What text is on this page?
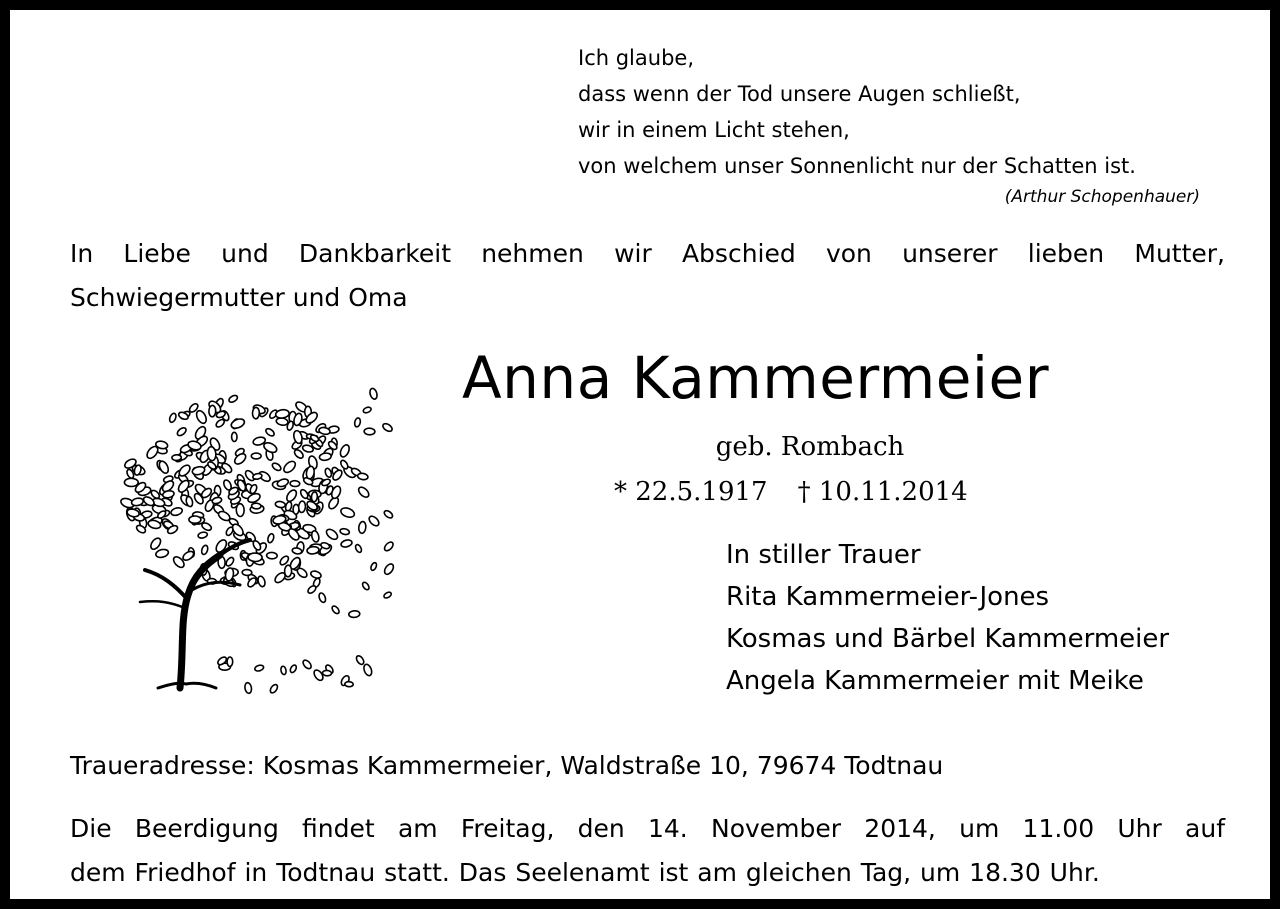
Ich glaube,
dass wenn der Tod unsere Augen schließt,
wir in einem Licht stehen,
von welchem unser Sonnenlicht nur der Schatten ist.
(Arthur Schopenhauer)
In Liebe und Dankbarkeit nehmen wir Abschied von unserer lieben Mutter,
Schwiegermutter und Oma
Anna Kammermeier
geb. Rombach
* 22.5.1917 † 10.11.2014
In stiller Trauer
Rita Kammermeier-Jones
Kosmas und Bärbel Kammermeier
Angela Kammermeier mit Meike
Traueradresse: Kosmas Kammermeier, Waldstraße 10, 79674 Todtnau
Die Beerdigung findet am Freitag, den 14. November 2014, um 11.00 Uhr auf
dem Friedhof in Todtnau statt. Das Seelenamt ist am gleichen Tag, um 18.30 Uhr.
